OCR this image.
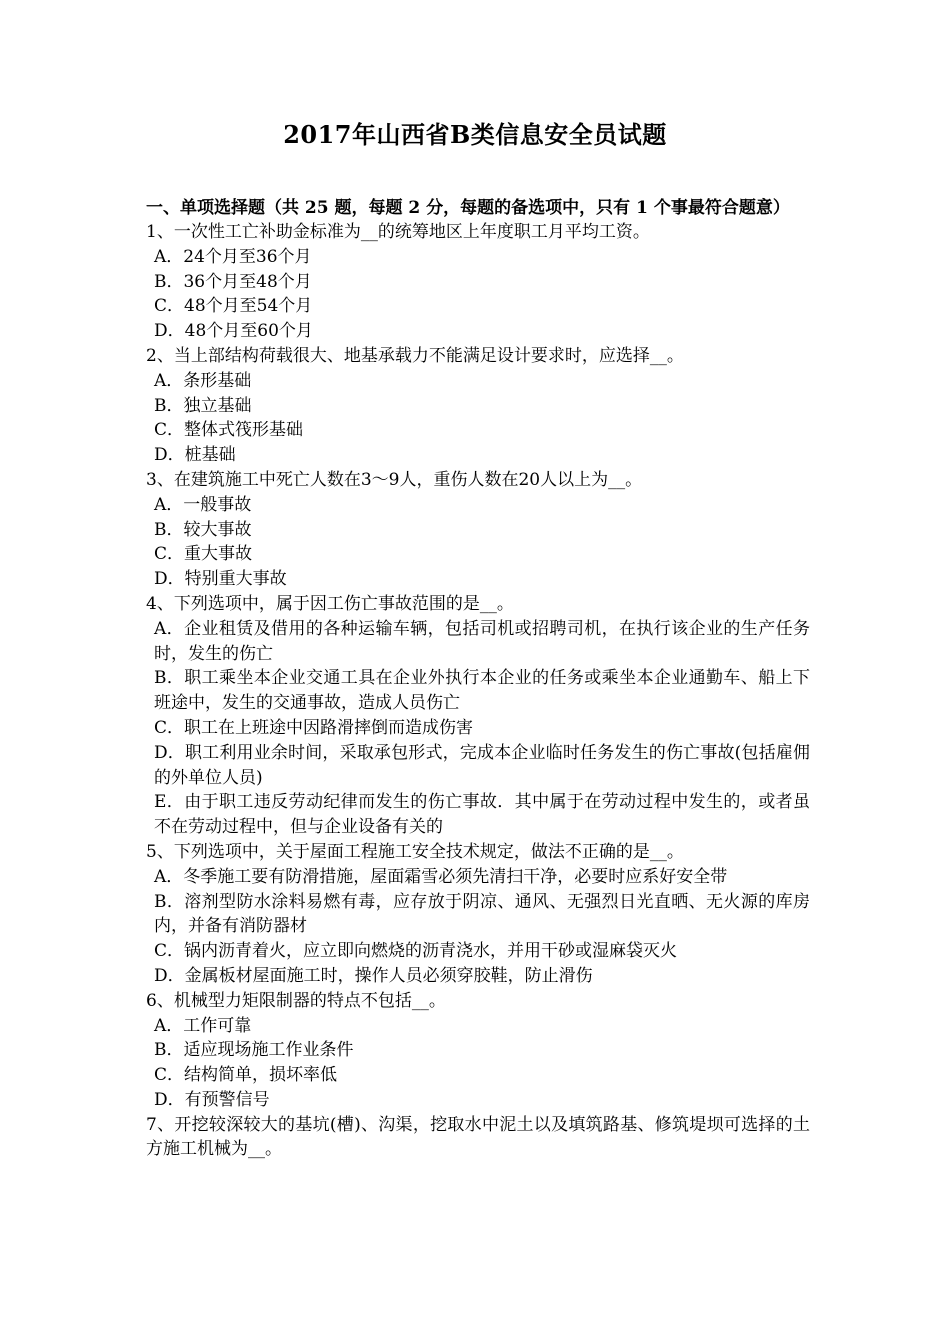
2017年山西省B类信息安全员试题
一、单项选择题（共 25 题，每题 2 分，每题的备选项中，只有 1 个事最符合题意）
1、一次性工亡补助金标准为__的统筹地区上年度职工月平均工资。
A．24个月至36个月
B．36个月至48个月
C．48个月至54个月
D．48个月至60个月
2、当上部结构荷载很大、地基承载力不能满足设计要求时，应选择__。
A．条形基础
B．独立基础
C．整体式筏形基础
D．桩基础
3、在建筑施工中死亡人数在3～9人，重伤人数在20人以上为__。
A．一般事故
B．较大事故
C．重大事故
D．特别重大事故
4、下列选项中，属于因工伤亡事故范围的是__。
A．企业租赁及借用的各种运输车辆，包括司机或招聘司机，在执行该企业的生产任务时，发生的伤亡
B．职工乘坐本企业交通工具在企业外执行本企业的任务或乘坐本企业通勤车、船上下班途中，发生的交通事故，造成人员伤亡
C．职工在上班途中因路滑摔倒而造成伤害
D．职工利用业余时间，采取承包形式，完成本企业临时任务发生的伤亡事故(包括雇佣的外单位人员)
E．由于职工违反劳动纪律而发生的伤亡事故．其中属于在劳动过程中发生的，或者虽不在劳动过程中，但与企业设备有关的
5、下列选项中，关于屋面工程施工安全技术规定，做法不正确的是__。
A．冬季施工要有防滑措施，屋面霜雪必须先清扫干净，必要时应系好安全带
B．溶剂型防水涂料易燃有毒，应存放于阴凉、通风、无强烈日光直晒、无火源的库房内，并备有消防器材
C．锅内沥青着火，应立即向燃烧的沥青浇水，并用干砂或湿麻袋灭火
D．金属板材屋面施工时，操作人员必须穿胶鞋，防止滑伤
6、机械型力矩限制器的特点不包括__。
A．工作可靠
B．适应现场施工作业条件
C．结构简单，损坏率低
D．有预警信号
7、开挖较深较大的基坑(槽)、沟渠，挖取水中泥土以及填筑路基、修筑堤坝可选择的土方施工机械为__。
